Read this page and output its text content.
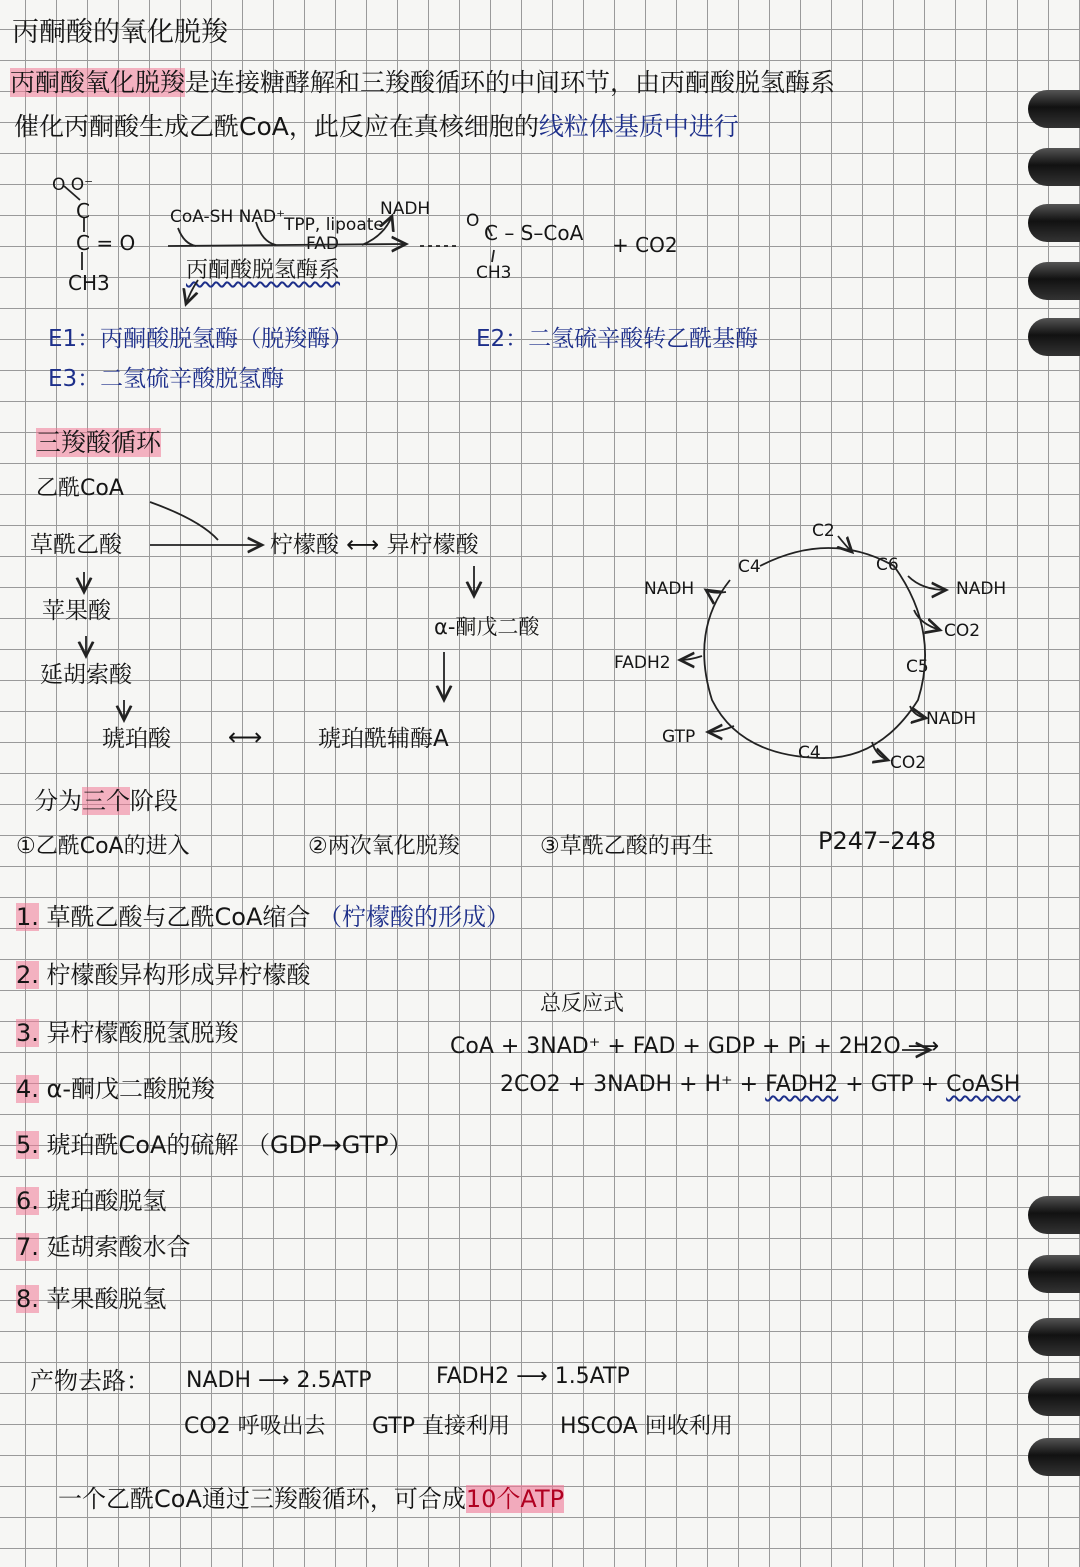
丙酮酸的氧化脱羧
丙酮酸氧化脱羧是连接糖酵解和三羧酸循环的中间环节，由丙酮酸脱氢酶系
催化丙酮酸生成乙酰CoA，此反应在真核细胞的线粒体基质中进行
O O⁻
C
C = O
CH3
CoA-SH NAD⁺
TPP, lipoate
FAD
NADH
丙酮酸脱氢酶系
O C – S–CoA
CH3
+ CO2
E1：丙酮酸脱氢酶（脱羧酶）	E2：二氢硫辛酸转乙酰基酶
E3：二氢硫辛酸脱氢酶
三羧酸循环
乙酰CoA
草酰乙酸	柠檬酸 ⟷ 异柠檬酸
苹果酸
延胡索酸
α-酮戊二酸
琥珀酸 ⟷ 琥珀酰辅酶A
C2
C4	C6
C5
C4
NADH
FADH2
GTP
NADH
CO2
NADH
CO2
分为三个阶段
①乙酰CoA的进入	②两次氧化脱羧	③草酰乙酸的再生	P247–248
1. 草酰乙酸与乙酰CoA缩合 （柠檬酸的形成）
2. 柠檬酸异构形成异柠檬酸
3. 异柠檬酸脱氢脱羧
4. α-酮戊二酸脱羧
5. 琥珀酰CoA的硫解 （GDP→GTP）
6. 琥珀酸脱氢
7. 延胡索酸水合
8. 苹果酸脱氢
总反应式
CoA + 3NAD⁺ + FAD + GDP + Pi + 2H2O ⟶
2CO2 + 3NADH + H⁺ + FADH2 + GTP + CoASH
产物去路： NADH ⟶ 2.5ATP	FADH2 ⟶ 1.5ATP
CO2 呼吸出去 GTP 直接利用 HSCOA 回收利用
一个乙酰CoA通过三羧酸循环，可合成10个ATP
